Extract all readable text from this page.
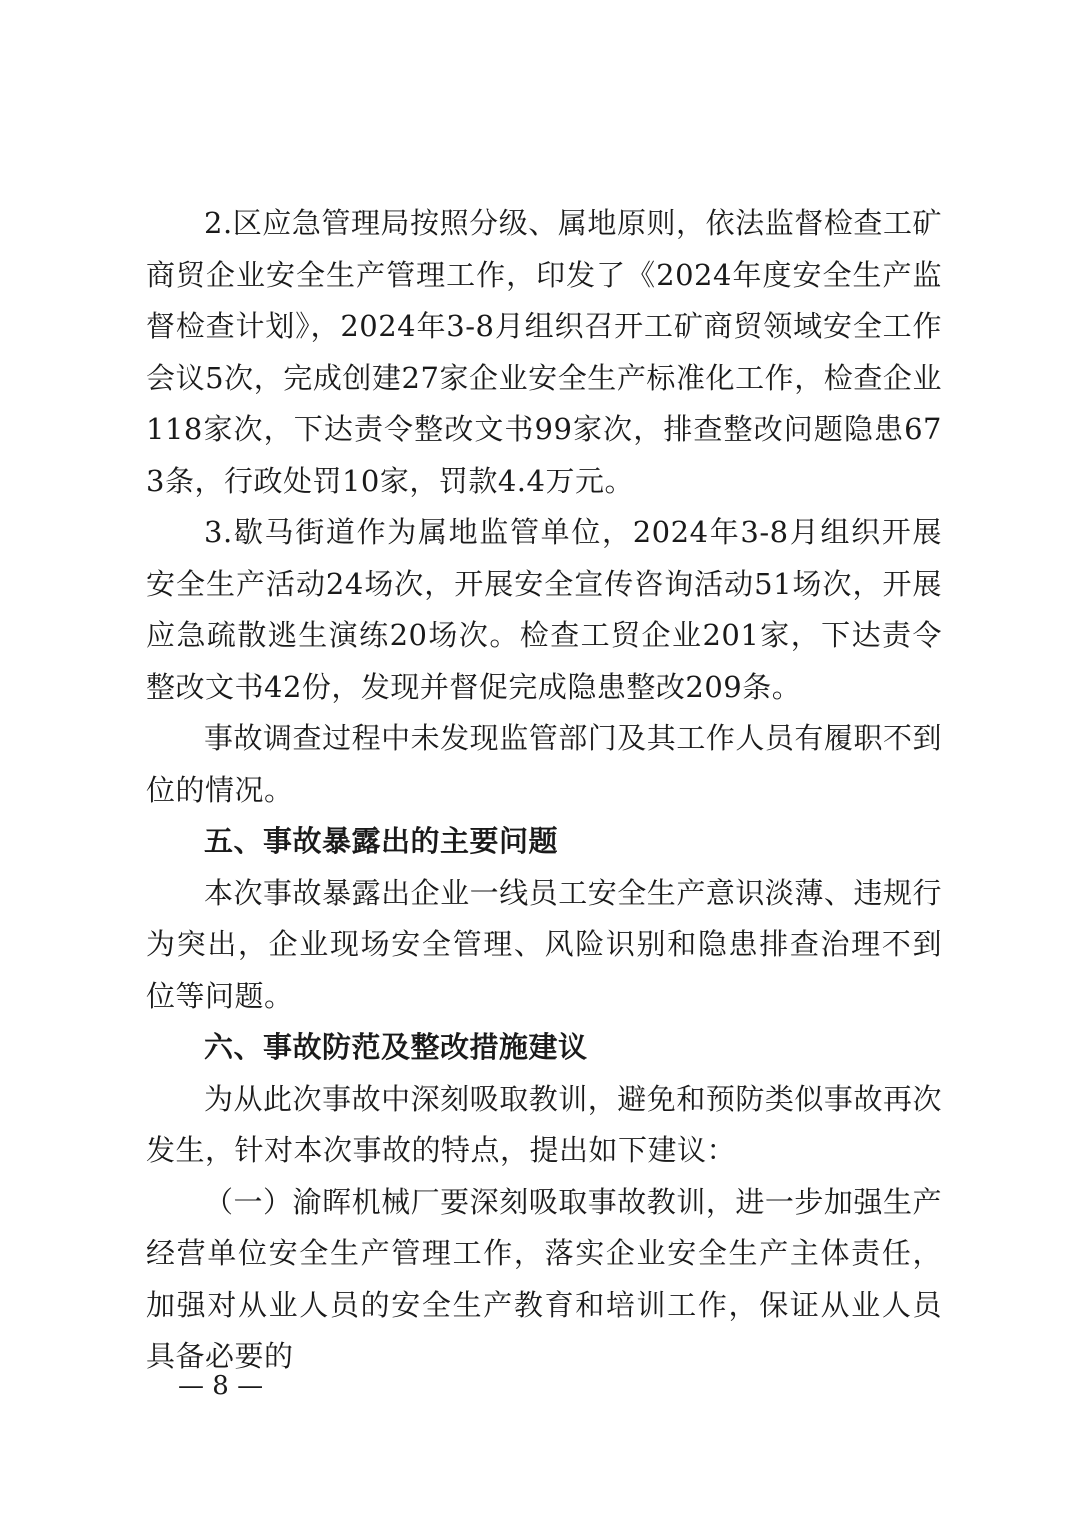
2.区应急管理局按照分级、属地原则，依法监督检查工矿商贸企业安全生产管理工作，印发了《2024年度安全生产监督检查计划》，2024年3-8月组织召开工矿商贸领域安全工作会议5次，完成创建27家企业安全生产标准化工作，检查企业118家次，下达责令整改文书99家次，排查整改问题隐患673条，行政处罚10家，罚款4.4万元。

3.歇马街道作为属地监管单位，2024年3-8月组织开展安全生产活动24场次，开展安全宣传咨询活动51场次，开展应急疏散逃生演练20场次。检查工贸企业201家，下达责令整改文书42份，发现并督促完成隐患整改209条。

事故调查过程中未发现监管部门及其工作人员有履职不到位的情况。

五、事故暴露出的主要问题

本次事故暴露出企业一线员工安全生产意识淡薄、违规行为突出，企业现场安全管理、风险识别和隐患排查治理不到位等问题。

六、事故防范及整改措施建议

为从此次事故中深刻吸取教训，避免和预防类似事故再次发生，针对本次事故的特点，提出如下建议：

（一）渝晖机械厂要深刻吸取事故教训，进一步加强生产经营单位安全生产管理工作，落实企业安全生产主体责任，加强对从业人员的安全生产教育和培训工作，保证从业人员具备必要的

— 8 —
